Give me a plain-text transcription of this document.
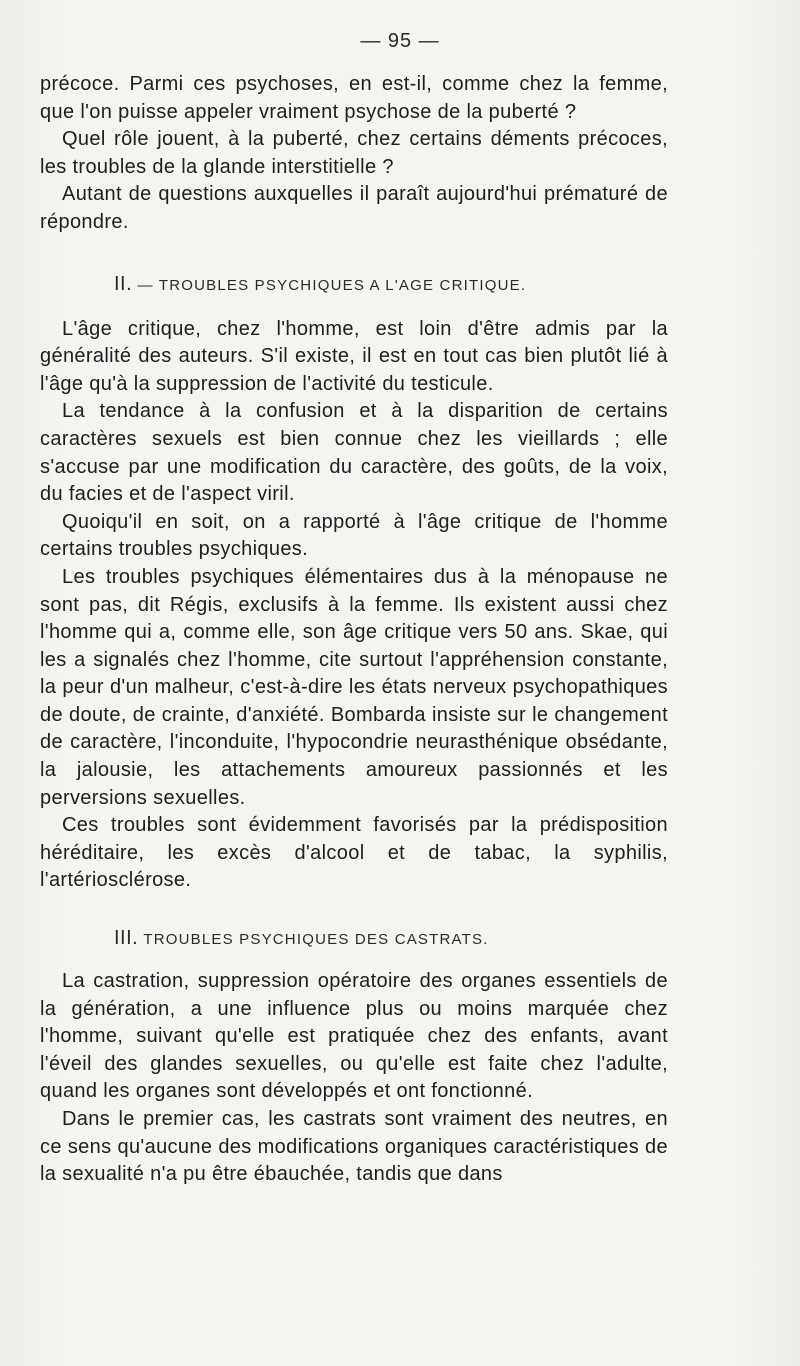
— 95 —

précoce. Parmi ces psychoses, en est-il, comme chez la femme, que l'on puisse appeler vraiment psychose de la puberté ?

Quel rôle jouent, à la puberté, chez certains déments précoces, les troubles de la glande interstitielle ?

Autant de questions auxquelles il paraît aujourd'hui prématuré de répondre.

II. — TROUBLES PSYCHIQUES A L'AGE CRITIQUE.

L'âge critique, chez l'homme, est loin d'être admis par la généralité des auteurs. S'il existe, il est en tout cas bien plutôt lié à l'âge qu'à la suppression de l'activité du testicule.

La tendance à la confusion et à la disparition de certains caractères sexuels est bien connue chez les vieillards ; elle s'accuse par une modification du caractère, des goûts, de la voix, du facies et de l'aspect viril.

Quoiqu'il en soit, on a rapporté à l'âge critique de l'homme certains troubles psychiques.

Les troubles psychiques élémentaires dus à la ménopause ne sont pas, dit Régis, exclusifs à la femme. Ils existent aussi chez l'homme qui a, comme elle, son âge critique vers 50 ans. Skae, qui les a signalés chez l'homme, cite surtout l'appréhension constante, la peur d'un malheur, c'est-à-dire les états nerveux psychopathiques de doute, de crainte, d'anxiété. Bombarda insiste sur le changement de caractère, l'inconduite, l'hypocondrie neurasthénique obsédante, la jalousie, les attachements amoureux passionnés et les perversions sexuelles.

Ces troubles sont évidemment favorisés par la prédisposition héréditaire, les excès d'alcool et de tabac, la syphilis, l'artériosclérose.

III. TROUBLES PSYCHIQUES DES CASTRATS.

La castration, suppression opératoire des organes essentiels de la génération, a une influence plus ou moins marquée chez l'homme, suivant qu'elle est pratiquée chez des enfants, avant l'éveil des glandes sexuelles, ou qu'elle est faite chez l'adulte, quand les organes sont développés et ont fonctionné.

Dans le premier cas, les castrats sont vraiment des neutres, en ce sens qu'aucune des modifications organiques caractéristiques de la sexualité n'a pu être ébauchée, tandis que dans
